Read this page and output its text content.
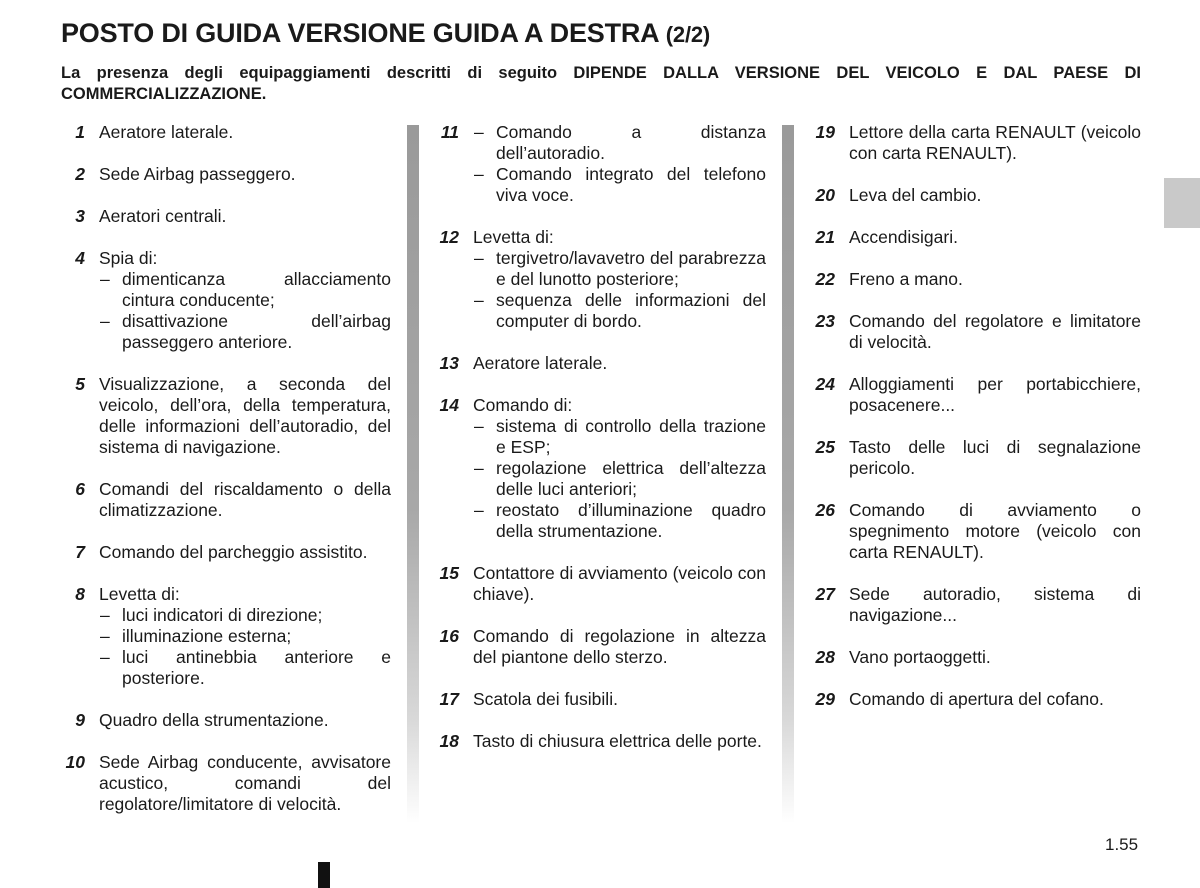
POSTO DI GUIDA VERSIONE GUIDA A DESTRA (2/2)
La presenza degli equipaggiamenti descritti di seguito DIPENDE DALLA VERSIONE DEL VEICOLO E DAL PAESE DI COMMERCIALIZZAZIONE.
1 Aeratore laterale.
2 Sede Airbag passeggero.
3 Aeratori centrali.
4 Spia di:
– dimenticanza allacciamento cintura conducente;
– disattivazione dell’airbag passeggero anteriore.
5 Visualizzazione, a seconda del veicolo, dell’ora, della temperatura, delle informazioni dell’autoradio, del sistema di navigazione.
6 Comandi del riscaldamento o della climatizzazione.
7 Comando del parcheggio assistito.
8 Levetta di:
– luci indicatori di direzione;
– illuminazione esterna;
– luci antinebbia anteriore e posteriore.
9 Quadro della strumentazione.
10 Sede Airbag conducente, avvisatore acustico, comandi del regolatore/limitatore di velocità.
11
–	Comando a distanza dell’autoradio.
– Comando integrato del telefono viva voce.
12 Levetta di:
– tergivetro/lavavetro del parabrezza e del lunotto posteriore;
– sequenza delle informazioni del computer di bordo.
13 Aeratore laterale.
14 Comando di:
– sistema di controllo della trazione e ESP;
– regolazione elettrica dell’altezza delle luci anteriori;
– reostato d’illuminazione quadro della strumentazione.
15 Contattore di avviamento (veicolo con chiave).
16 Comando di regolazione in altezza del piantone dello sterzo.
17 Scatola dei fusibili.
18 Tasto di chiusura elettrica delle porte.
19 Lettore della carta RENAULT (veicolo con carta RENAULT).
20 Leva del cambio.
21 Accendisigari.
22 Freno a mano.
23 Comando del regolatore e limitatore di velocità.
24 Alloggiamenti per portabicchiere, posacenere...
25 Tasto delle luci di segnalazione pericolo.
26 Comando di avviamento o spegnimento motore (veicolo con carta RENAULT).
27 Sede autoradio, sistema di navigazione...
28 Vano portaoggetti.
29 Comando di apertura del cofano.
1.55
